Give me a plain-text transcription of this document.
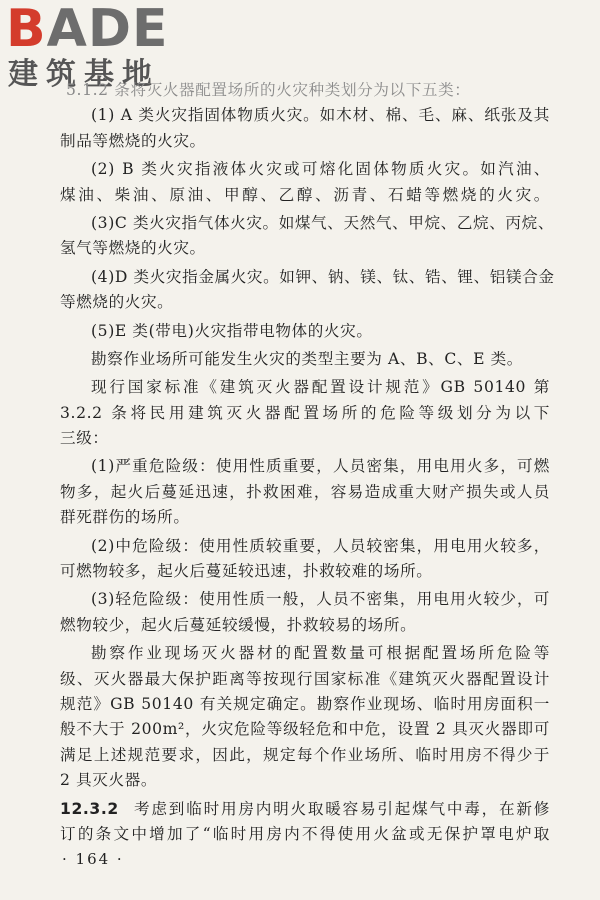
BADE
建筑基地
5.1.2 条将灭火器配置场所的火灾种类划分为以下五类：
(1) A 类火灾指固体物质火灾。如木材、棉、毛、麻、纸张及其
制品等燃烧的火灾。
(2) B 类火灾指液体火灾或可熔化固体物质火灾。如汽油、
煤油、柴油、原油、甲醇、乙醇、沥青、石蜡等燃烧的火灾。
(3)C 类火灾指气体火灾。如煤气、天然气、甲烷、乙烷、丙烷、
氢气等燃烧的火灾。
(4)D 类火灾指金属火灾。如钾、钠、镁、钛、锆、锂、铝镁合金
等燃烧的火灾。
(5)E 类(带电)火灾指带电物体的火灾。
勘察作业场所可能发生火灾的类型主要为 A、B、C、E 类。
现行国家标准《建筑灭火器配置设计规范》GB 50140 第
3.2.2 条将民用建筑灭火器配置场所的危险等级划分为以下
三级：
(1)严重危险级：使用性质重要，人员密集，用电用火多，可燃
物多，起火后蔓延迅速，扑救困难，容易造成重大财产损失或人员
群死群伤的场所。
(2)中危险级：使用性质较重要，人员较密集，用电用火较多，
可燃物较多，起火后蔓延较迅速，扑救较难的场所。
(3)轻危险级：使用性质一般，人员不密集，用电用火较少，可
燃物较少，起火后蔓延较缓慢，扑救较易的场所。
勘察作业现场灭火器材的配置数量可根据配置场所危险等
级、灭火器最大保护距离等按现行国家标准《建筑灭火器配置设计
规范》GB 50140 有关规定确定。勘察作业现场、临时用房面积一
般不大于 200m²，火灾危险等级轻危和中危，设置 2 具灭火器即可
满足上述规范要求，因此，规定每个作业场所、临时用房不得少于
2 具灭火器。
12.3.2 考虑到临时用房内明火取暖容易引起煤气中毒，在新修
订的条文中增加了“临时用房内不得使用火盆或无保护罩电炉取
· 164 ·
